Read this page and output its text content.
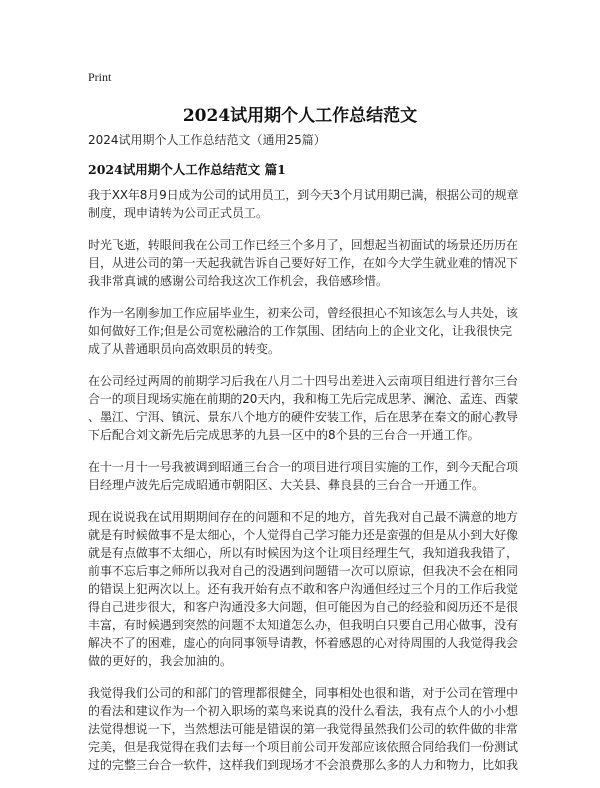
Print
2024试用期个人工作总结范文
2024试用期个人工作总结范文（通用25篇）
2024试用期个人工作总结范文 篇1
我于XX年8月9日成为公司的试用员工，到今天3个月试用期已满，根据公司的规章
制度，现申请转为公司正式员工。
时光飞逝，转眼间我在公司工作已经三个多月了，回想起当初面试的场景还历历在
目，从进公司的第一天起我就告诉自己要好好工作，在如今大学生就业难的情况下
我非常真诚的感谢公司给我这次工作机会，我倍感珍惜。
作为一名刚参加工作应届毕业生，初来公司，曾经很担心不知该怎么与人共处，该
如何做好工作;但是公司宽松融洽的工作氛围、团结向上的企业文化，让我很快完
成了从普通职员向高效职员的转变。
在公司经过两周的前期学习后我在八月二十四号出差进入云南项目组进行普尔三台
合一的项目现场实施在前期的20天内，我和梅工先后完成思茅、澜沧、孟连、西蒙
、墨江、宁洱、镇沅、景东八个地方的硬件安装工作，后在思茅在秦文的耐心教导
下后配合刘文新先后完成思茅的九县一区中的8个县的三台合一开通工作。
在十一月十一号我被调到昭通三台合一的项目进行项目实施的工作，到今天配合项
目经理卢波先后完成昭通市朝阳区、大关县、彝良县的三台合一开通工作。
现在说说我在试用期期间存在的问题和不足的地方，首先我对自己最不满意的地方
就是有时候做事不是太细心，个人觉得自己学习能力还是蛮强的但是从小到大好像
就是有点做事不太细心，所以有时候因为这个让项目经理生气，我知道我我错了，
前事不忘后事之师所以我对自己的没遇到问题错一次可以原谅，但我决不会在相同
的错误上犯两次以上。还有我开始有点不敢和客户沟通但经过三个月的工作后我觉
得自己进步很大，和客户沟通没多大问题，但可能因为自己的经验和阅历还不是很
丰富，有时候遇到突然的问题不太知道怎么办，但我明白只要自己用心做事，没有
解决不了的困难，虚心的向同事领导请教，怀着感恩的心对待周围的人我觉得我会
做的更好的，我会加油的。
我觉得我们公司的和部门的管理都很健全，同事相处也很和谐，对于公司在管理中
的看法和建议作为一个初入职场的菜鸟来说真的没什么看法，我有点个人的小小想
法觉得想说一下，当然想法可能是错误的第一我觉得虽然我们公司的软件做的非常
完美，但是我觉得在我们去每一个项目前公司开发部应该依照合同给我们一份测试
过的完整三台合一软件，这样我们到现场才不会浪费那么多的人力和物力，比如我
